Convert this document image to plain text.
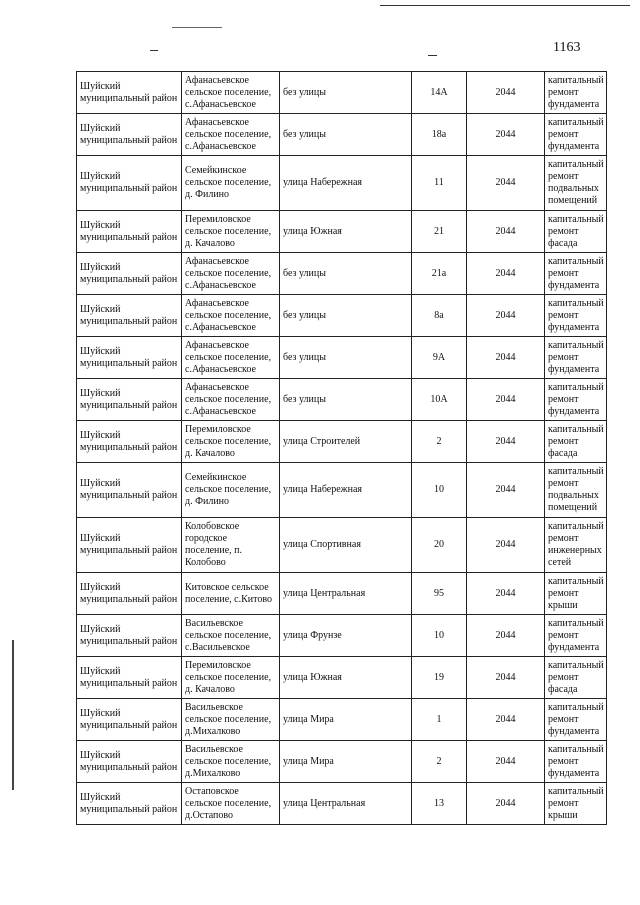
1163
Шуйский муниципальный район	Афанасьевское сельское поселение, с.Афанасьевское	без улицы	14А	2044	капитальный ремонт фундамента
Шуйский муниципальный район	Афанасьевское сельское поселение, с.Афанасьевское	без улицы	18а	2044	капитальный ремонт фундамента
Шуйский муниципальный район	Семейкинское сельское поселение, д. Филино	улица Набережная	11	2044	капитальный ремонт подвальных помещений
Шуйский муниципальный район	Перемиловское сельское поселение, д. Качалово	улица Южная	21	2044	капитальный ремонт фасада
Шуйский муниципальный район	Афанасьевское сельское поселение, с.Афанасьевское	без улицы	21а	2044	капитальный ремонт фундамента
Шуйский муниципальный район	Афанасьевское сельское поселение, с.Афанасьевское	без улицы	8а	2044	капитальный ремонт фундамента
Шуйский муниципальный район	Афанасьевское сельское поселение, с.Афанасьевское	без улицы	9А	2044	капитальный ремонт фундамента
Шуйский муниципальный район	Афанасьевское сельское поселение, с.Афанасьевское	без улицы	10А	2044	капитальный ремонт фундамента
Шуйский муниципальный район	Перемиловское сельское поселение, д. Качалово	улица Строителей	2	2044	капитальный ремонт фасада
Шуйский муниципальный район	Семейкинское сельское поселение, д. Филино	улица Набережная	10	2044	капитальный ремонт подвальных помещений
Шуйский муниципальный район	Колобовское городское поселение, п. Колобово	улица Спортивная	20	2044	капитальный ремонт инженерных сетей
Шуйский муниципальный район	Китовское сельское поселение, с.Китово	улица Центральная	95	2044	капитальный ремонт крыши
Шуйский муниципальный район	Васильевское сельское поселение, с.Васильевское	улица Фрунзе	10	2044	капитальный ремонт фундамента
Шуйский муниципальный район	Перемиловское сельское поселение, д. Качалово	улица Южная	19	2044	капитальный ремонт фасада
Шуйский муниципальный район	Васильевское сельское поселение, д.Михалково	улица Мира	1	2044	капитальный ремонт фундамента
Шуйский муниципальный район	Васильевское сельское поселение, д.Михалково	улица Мира	2	2044	капитальный ремонт фундамента
Шуйский муниципальный район	Остаповское сельское поселение, д.Остапово	улица Центральная	13	2044	капитальный ремонт крыши
